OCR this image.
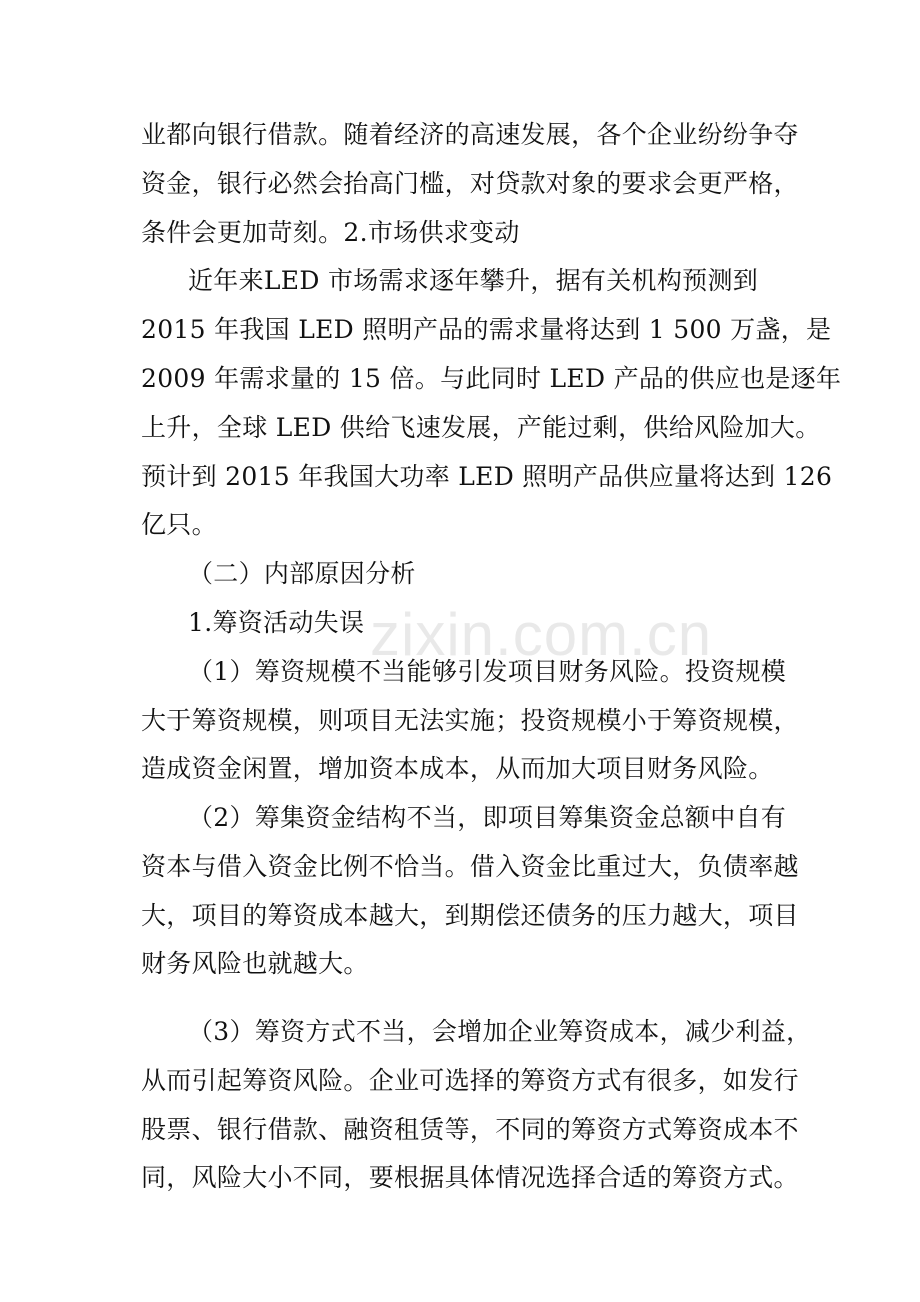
zixin.com.cn
业都向银行借款。随着经济的高速发展，各个企业纷纷争夺
资金，银行必然会抬高门槛，对贷款对象的要求会更严格，
条件会更加苛刻。2.市场供求变动
近年来LED 市场需求逐年攀升，据有关机构预测到
2015 年我国 LED 照明产品的需求量将达到 1 500 万盏，是
2009 年需求量的 15 倍。与此同时 LED 产品的供应也是逐年
上升，全球 LED 供给飞速发展，产能过剩，供给风险加大。
预计到 2015 年我国大功率 LED 照明产品供应量将达到 126
亿只。
（二）内部原因分析
1.筹资活动失误
（1）筹资规模不当能够引发项目财务风险。投资规模
大于筹资规模，则项目无法实施；投资规模小于筹资规模，
造成资金闲置，增加资本成本，从而加大项目财务风险。
（2）筹集资金结构不当，即项目筹集资金总额中自有
资本与借入资金比例不恰当。借入资金比重过大，负债率越
大，项目的筹资成本越大，到期偿还债务的压力越大，项目
财务风险也就越大。
（3）筹资方式不当，会增加企业筹资成本，减少利益，
从而引起筹资风险。企业可选择的筹资方式有很多，如发行
股票、银行借款、融资租赁等，不同的筹资方式筹资成本不
同，风险大小不同，要根据具体情况选择合适的筹资方式。
